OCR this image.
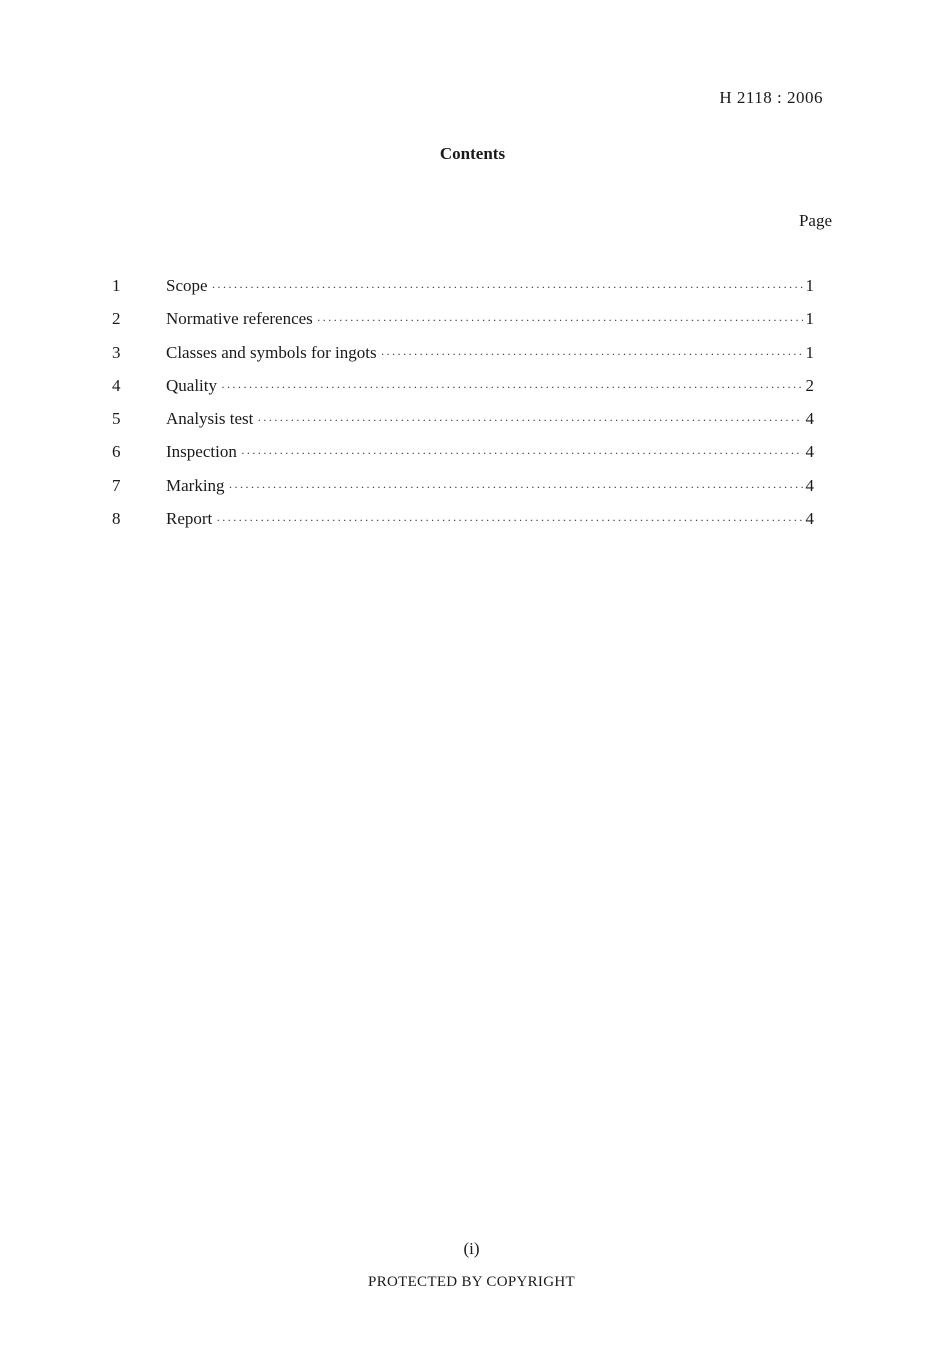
H 2118 : 2006
Contents
Page
1	Scope ·····	1
2	Normative references ·····	1
3	Classes and symbols for ingots ·····	1
4	Quality ·····	2
5	Analysis test ·····	4
6	Inspection ·····	4
7	Marking ·····	4
8	Report ·····	4
(i)
PROTECTED BY COPYRIGHT
